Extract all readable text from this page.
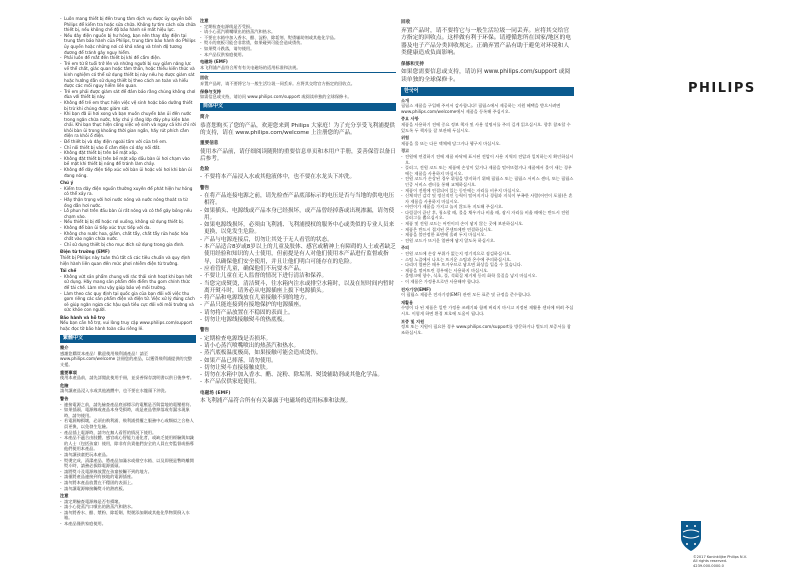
- Luôn mang thiết bị đến trung tâm dịch vụ được ủy quyền bởi Philips để kiểm tra hoặc sửa chữa. Không tự tìm cách sửa chữa thiết bị, nếu không chế độ bảo hành sẽ mất hiệu lực.
- Nếu dây điện nguồn bị hư hỏng, bạn nên thay dây điện tại trung tâm bảo hành của Philips, trung tâm bảo hành do Philips ủy quyền hoặc những nơi có khả năng và trình độ tương đương để tránh gây nguy hiểm.
- Phải luôn để mắt đến thiết bị khi để cắm điện.
- Trẻ em từ 8 tuổi trở lên và những người bị suy giảm năng lực về thể chất, giác quan hoặc tâm thần, hoặc thiếu kiến thức và kinh nghiệm có thể sử dụng thiết bị này nếu họ được giám sát hoặc hướng dẫn sử dụng thiết bị theo cách an toàn và hiểu được các mối nguy hiểm liên quan.
- Trẻ em phải được giám sát để đảm bảo rằng chúng không chơi đùa với thiết bị này.
- Không để trẻ em thực hiện việc vệ sinh hoặc bảo dưỡng thiết bị trừ khi chúng được giám sát.
- Khi bạn đã ủi hơi xong và bạn muốn chuyển bàn ủi đến nước trong ngăn chứa nước, hãy chú ý rằng lớp đáy phụ kiện bàn chải. Khi bạn thực hiện công việc vệ sinh và ngay cả khi chỉ rời khỏi bàn ủi trong khoảng thời gian ngắn, hãy rút phích cắm điện ra khỏi ổ điện.
- Để thiết bị và dây điện ngoài tầm với của trẻ em.
- Chỉ nối thiết bị vào ổ cắm điện có dây nối đất.
- Không đặt thiết bị trên bề mặt xốp.
- Không đặt thiết bị trên bề mặt xốp dầu bàn ủi hơi chạm vào bề mặt khi thiết bị nóng để tránh làm chảy.
- Không để dây điện tiếp xúc với bàn ủi hoặc vòi hơi khi bàn ủi đang nóng.
Chú ý
- Kiểm tra dây điện nguồn thường xuyên để phát hiện hư hỏng có thể xảy ra.
- Hãy thận trọng với hơi nước nóng và nước nóng thoát ra từ ống dẫn hơi nước.
- Lỗ phun hơi trên đầu bàn ủi rất nóng và có thể gây bỏng nếu chạm vào.
- Nếu thiết bị bị đổ hoặc rơi xuống, không sử dụng thiết bị.
- Không để bàn ủi tiếp xúc trực tiếp với da.
- Không cho nước hoa, giấm, chất tẩy, chất tẩy rửa hoặc hóa chất vào ngăn chứa nước.
- Chỉ sử dụng thiết bị cho mục đích sử dụng trong gia đình.
Điện từ trường (EMF)

Thiết bị Philips này tuân thủ tất cả các tiêu chuẩn và quy định hiện hành liên quan đến mức phơi nhiễm điện từ trường.

Tái chế
- Không vứt sản phẩm chung với rác thải sinh hoạt khi bạn hết sử dụng. Hãy mang sản phẩm đến điểm thu gom chính thức để tái chế. Làm như vậy giúp bảo vệ môi trường.
- Làm theo các quy định tại quốc gia của bạn đối với việc thu gom riêng các sản phẩm điện và điện tử. Việc xử lý đúng cách sẽ giúp ngăn ngừa các hậu quả tiêu cực đối với môi trường và sức khỏe con người.
Bảo hành và hỗ trợ

Nếu bạn cần hỗ trợ, vui lòng truy cập www.philips.com/support hoặc đọc tờ bảo hành toàn cầu riêng lẻ.

繁體中文
簡介

感謝您購買本產品！歡迎使用飛利浦產品！請至 www.philips.com/welcome 註冊您的產品，以獲得飛利浦提供的完整支援。

重要事項

使用本產品前，請先詳閱此使用手冊，並妥善保存說明書以供日後參考。

危險

請勿讓產品浸入水或其他液體中，也不要在水龍頭下沖洗。

警告
- 連接電源之前，請先檢查產品底部標示的電壓是否與當地的電壓相符。
- 如果插頭、電源線或產品本身受損時，或是產品曾掉落或有漏水現象時，請勿使用。
- 若電源線損壞，必須由飛利浦、飛利浦授權之服務中心或類似之合格人員更換，以免發生危險。
- 產品插上電源時，請勿在無人看管的情況下使用。
- 本產品不適合由肢體、感官或心智能力退化者，或缺乏使用經驗與知識的人士（包括孩童）使用，除非有負責他們安全的人員在旁監督或指導他們使用本產品。
- 請勿讓孩童把玩本產品。
- 熨燙完成、清潔產品、將產品加滿水或排空水箱、以及即便是暫時離開熨斗時，請務必拔除電源插頭。
- 請將熨斗及電源線放置在孩童接觸不到的地方。
- 請僅將產品連接到有接地的電源插座。
- 請勿將本產品放置在不穩固的表面上。
- 請勿讓電源線接觸熨斗的熱底板。
注意
- 請定期檢查電源線是否有損壞。
- 請小心從蒸汽口噴出的熱蒸汽和熱水。
- 請勿將香水、醋、漿粉、除垢劑、熨燙添加劑或其他化學物質倒入水箱。
- 本產品僅供家庭使用。
注意
- 定期检查电源线是否受损。
- 请小心蒸汽喷嘴喷出的热蒸汽和热水。
- 不要在水箱中加入香水、醋、淀粉、除垢剂、熨烫辅助剂或其他化学品。
- 熨斗的底板可能会非常烫，如果碰到可能会造成烫伤。
- 如果熨斗跌落，请勿使用。
- 本产品仅供家庭使用。
电磁场 (EMF)

本飞利浦产品符合所有有关电磁场的适用标准和法规。

回收

弃置产品时，请不要将它与一般生活垃圾一同丢弃。应将其交给官方指定的回收点。

保修与支持

如需信息或支持，请访问 www.philips.com/support 或阅读单独的全球保修卡。

简体中文
简介

恭喜您购买了您的产品，欢迎您来到 Philips 大家庭！为了充分享受飞利浦提供的支持，请在 www.philips.com/welcome 上注册您的产品。

重要信息

使用本产品前，请仔细阅读随附的重要信息单页和本用户手册，妥善保管以备日后参考。

危险
- 不要将本产品浸入水或其他液体中，也不要在水龙头下冲洗。
警告
- 在将产品连接电源之前，请先检查产品底部标示的电压是否与当地的供电电压相符。
- 如果插头、电源线或产品本身已经损坏，或产品曾经掉落或出现渗漏，请勿使用。
- 如果电源线损坏，必须由飞利浦、飞利浦授权的服务中心或类似的专业人员来更换，以免发生危险。
- 产品与电源连接后，切勿让其处于无人看管的状态。
- 本产品适合8岁或8岁以上的儿童及肢体、感官或精神上有障碍的人士或者缺乏使用经验和知识的人士使用，但前提是有人对他们使用本产品进行监督或指导，以确保他们安全使用，并且让他们明白可能存在的危险。
- 应看管好儿童，确保他们不玩耍本产品。
- 不要让儿童在无人监督的情况下进行清洁和保养。
- 当您完成熨烫，清洁熨斗，往水箱内注水或排空水箱时，以及在短时间内暂时离开熨斗时，请务必从电源插座上拔下电源插头。
- 将产品和电源线放在儿童接触不到的地方。
- 产品只能连接到有接地保护的电源插座。
- 请勿将产品放置在不稳固的表面上。
- 切勿让电源线接触熨斗的热底板。
警告
- 定期检查电源线是否损坏。
- 请小心蒸汽喷嘴喷出的热蒸汽和热水。
- 蒸汽底板温度极高，如果接触可能会造成烫伤。
- 如果产品已摔落，请勿使用。
- 切勿让熨斗直接接触皮肤。
- 切勿在水箱中加入香水、醋、淀粉、除垢剂、熨烫辅助剂或其他化学品。
- 本产品仅供家庭使用。
电磁场 (EMF)

本飞利浦产品符合所有有关暴露于电磁场的适用标准和法规。

回收

弃置产品时，请不要将它与一般生活垃圾一同丢弃。应将其交给官方指定的回收点。这样做有利于环保。请遵循您所在国家/地区的电器及电子产品分类回收规定。正确弃置产品有助于避免对环境和人类健康造成负面影响。

保修和支持

如果您需要信息或支持，请访问 www.philips.com/support 或阅读单独的全球保修卡。

한국어
소개

필립스 제품을 구입해 주셔서 감사합니다! 필립스에서 제공하는 지원 혜택을 받으시려면 www.philips.com/welcome에서 제품을 등록해 주십시오.

중요 사항

제품을 사용하기 전에 중요 정보 책자 및 사용 설명서를 주의 깊게 읽으십시오. 향후 참조할 수 있도록 두 책자를 잘 보관해 두십시오.

위험

제품을 물 또는 다른 액체에 담그거나 헹구지 마십시오.

경고
- 전원에 연결하기 전에 제품 바닥에 표시된 전압이 사용 지역의 전압과 일치하는지 확인하십시오.
- 플러그, 전원 코드 또는 제품에 손상이 있거나 제품을 떨어뜨렸거나 제품에서 물이 새는 경우에는 제품을 사용하지 마십시오.
- 전원 코드가 손상된 경우 위험을 방지하기 위해 필립스 또는 필립스 서비스 센터, 또는 필립스 인증 서비스 센터를 통해 교체하십시오.
- 제품이 전원에 연결되어 있는 동안에는 자리를 비우지 마십시오.
- 신체적인 감각 및 정신적인 능력이 떨어지거나 경험과 지식이 부족한 사람(어린이 포함)은 혼자 제품을 사용하지 마십시오.
- 어린이가 제품을 가지고 놀지 않도록 지도해 주십시오.
- 다림질이 끝난 후, 청소할 때, 물을 채우거나 비울 때, 잠시 자리를 비울 때에는 반드시 전원 플러그를 뽑으십시오.
- 제품 및 전원 코드는 어린이의 손이 닿지 않는 곳에 보관하십시오.
- 제품은 반드시 접지된 콘센트에만 연결하십시오.
- 제품을 불안정한 표면에 올려 두지 마십시오.
- 전원 코드가 뜨거운 열판에 닿지 않도록 하십시오.
주의
- 전원 코드에 손상 부위가 없는지 정기적으로 점검하십시오.
- 스팀 노즐에서 나오는 뜨거운 스팀과 온수에 주의하십시오.
- 다리미 열판은 매우 뜨거우므로 닿으면 화상을 입을 수 있습니다.
- 제품을 떨어뜨린 경우에는 사용하지 마십시오.
- 물탱크에 향수, 식초, 풀, 석회질 제거제 등의 화학 물질을 넣지 마십시오.
- 이 제품은 가정용으로만 사용해야 합니다.
전자기장(EMF)

이 필립스 제품은 전자기장(EMF) 관련 모든 표준 및 규정을 준수합니다.

재활용

수명이 다 된 제품은 일반 가정용 쓰레기와 함께 버리지 마시고 지정된 재활용 센터에 버려 주십시오. 이렇게 하면 환경 보호에 도움이 됩니다.

보증 및 지원

정보 또는 지원이 필요한 경우 www.philips.com/support를 방문하거나 별도의 보증서를 참조하십시오.

PHILIPS
©2017 Koninklijke Philips N.V.
All rights reserved.
4239.000.0000.0
